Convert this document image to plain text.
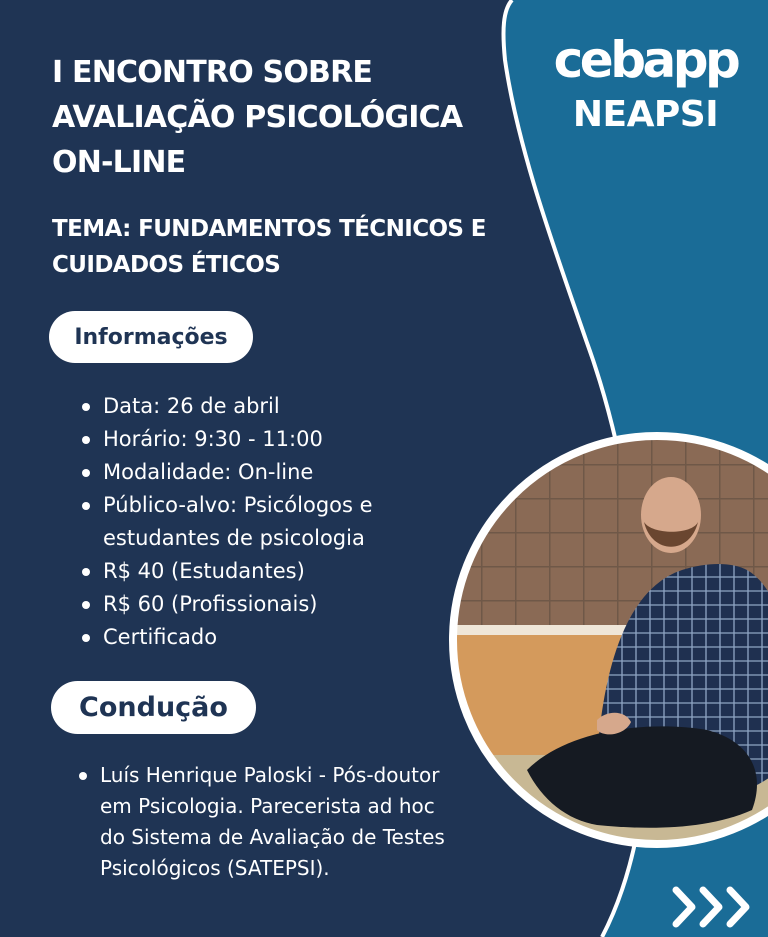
I ENCONTRO SOBRE
AVALIAÇÃO PSICOLÓGICA
ON-LINE
TEMA: FUNDAMENTOS TÉCNICOS E
CUIDADOS ÉTICOS
cebapp
NEAPSI
Informações
Data: 26 de abril
Horário: 9:30 - 11:00
Modalidade: On-line
Público-alvo: Psicólogos e estudantes de psicologia
R$ 40 (Estudantes)
R$ 60 (Profissionais)
Certificado
Condução
Luís Henrique Paloski - Pós-doutor em Psicologia. Parecerista ad hoc do Sistema de Avaliação de Testes Psicológicos (SATEPSI).
